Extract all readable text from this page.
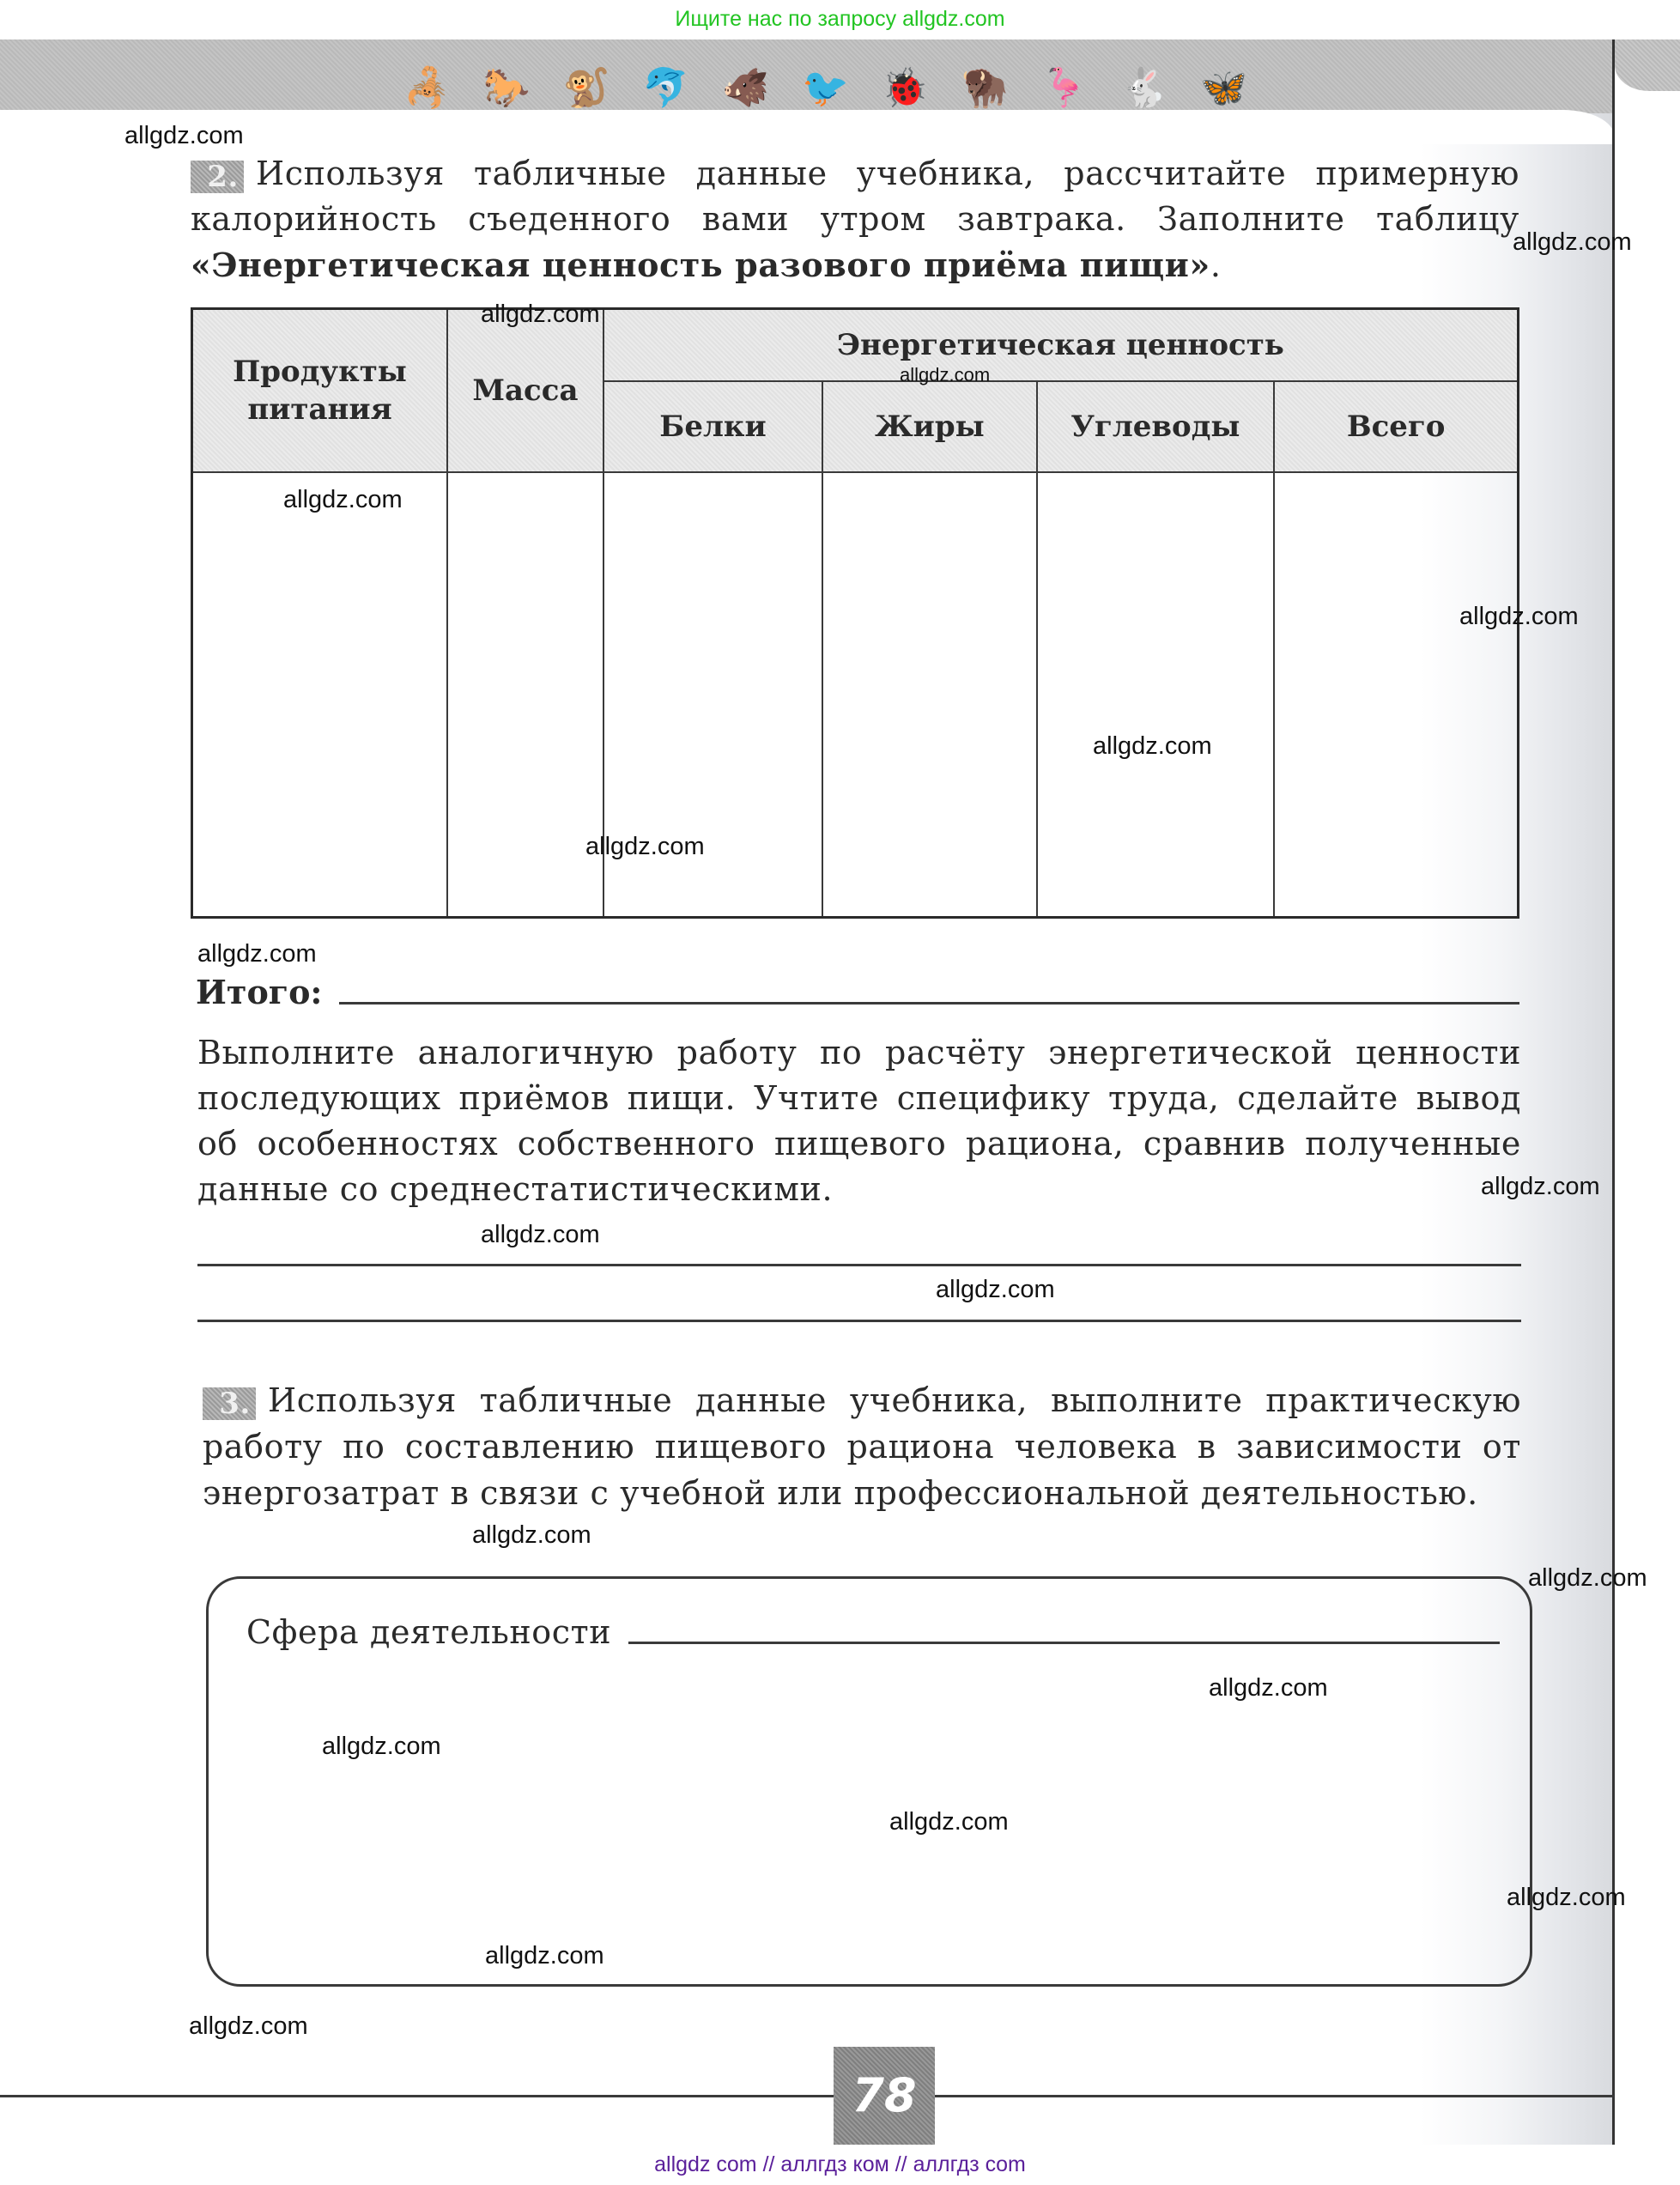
Ищите нас по запросу allgdz.com
🦂 🐎 🐒 🐬 🐗 🐦 🐞 🦬 🦩 🐇 🦋
2. Используя табличные данные учебника, рассчитайте примерную калорийность съеденного вами утром завтрака. Заполните таблицу «Энергетическая ценность разового приёма пищи».
Продукты питания	Масса	Энергетическая ценность			
		Белки	Жиры	Углеводы	Всего

Итого:
Выполните аналогичную работу по расчёту энергетической ценности последующих приёмов пищи. Учтите специфику труда, сделайте вывод об особенностях собственного пищевого рациона, сравнив полученные данные со среднестатистическими.
3. Используя табличные данные учебника, выполните практическую работу по составлению пищевого рациона человека в зависимости от энергозатрат в связи с учебной или профессиональной деятельностью.
Сфера деятельности
78
allgdz.com
allgdz.com
allgdz.com
allgdz.com
allgdz.com
allgdz.com
allgdz.com
allgdz.com
allgdz.com
allgdz.com
allgdz.com
allgdz.com
allgdz.com
allgdz.com
allgdz.com
allgdz.com
allgdz.com
allgdz.com
allgdz.com
allgdz.com
allgdz com // аллгдз ком // аллгдз com
